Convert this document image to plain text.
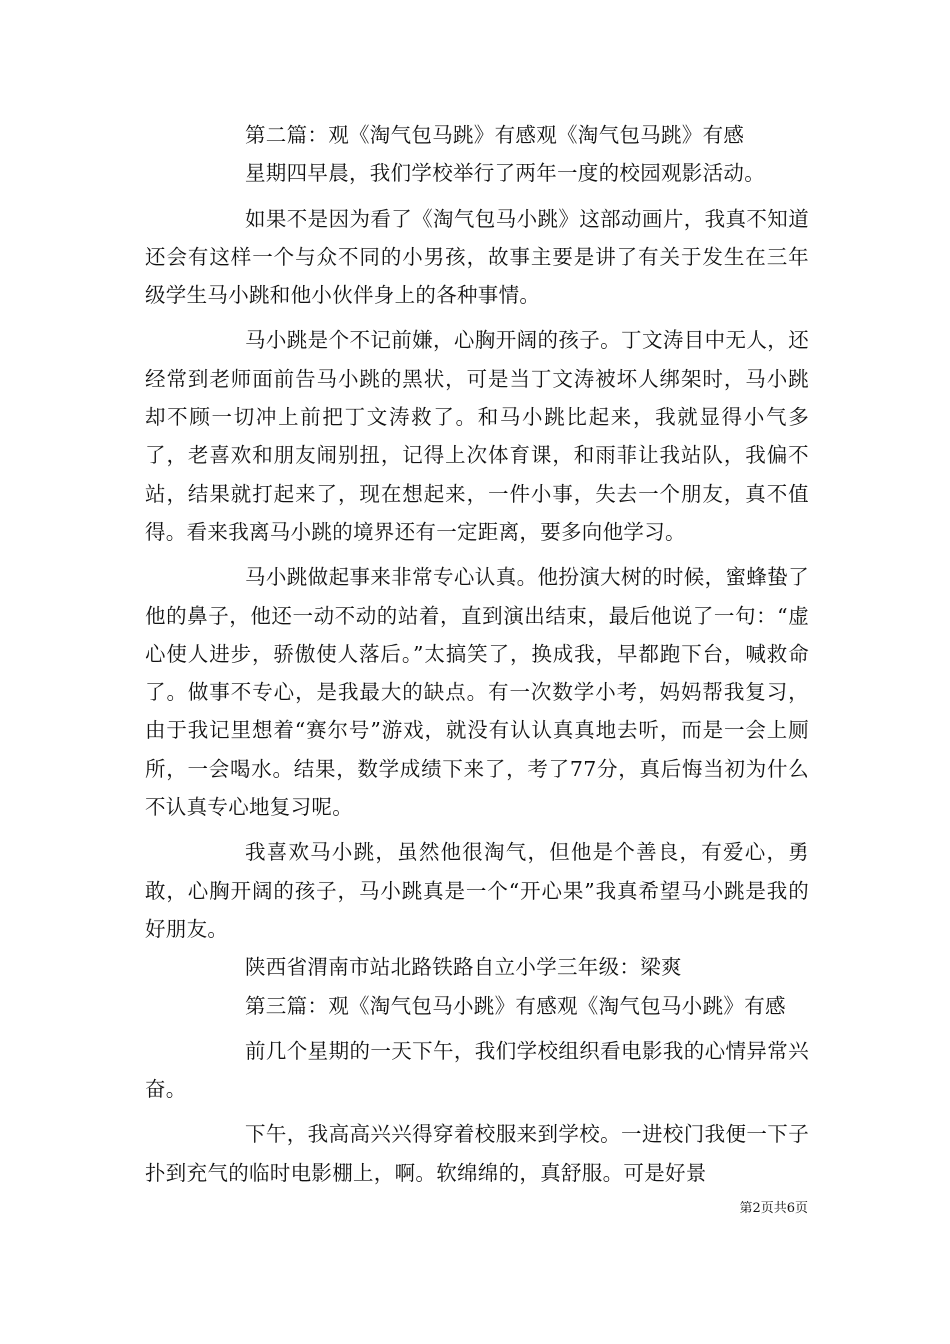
第二篇：观《淘气包马跳》有感观《淘气包马跳》有感

星期四早晨，我们学校举行了两年一度的校园观影活动。

如果不是因为看了《淘气包马小跳》这部动画片，我真不知道还会有这样一个与众不同的小男孩，故事主要是讲了有关于发生在三年级学生马小跳和他小伙伴身上的各种事情。

马小跳是个不记前嫌，心胸开阔的孩子。丁文涛目中无人，还经常到老师面前告马小跳的黑状，可是当丁文涛被坏人绑架时，马小跳却不顾一切冲上前把丁文涛救了。和马小跳比起来，我就显得小气多了，老喜欢和朋友闹别扭，记得上次体育课，和雨菲让我站队，我偏不站，结果就打起来了，现在想起来，一件小事，失去一个朋友，真不值得。看来我离马小跳的境界还有一定距离，要多向他学习。

马小跳做起事来非常专心认真。他扮演大树的时候，蜜蜂蛰了他的鼻子，他还一动不动的站着，直到演出结束，最后他说了一句：“虚心使人进步，骄傲使人落后。”太搞笑了，换成我，早都跑下台，喊救命了。做事不专心，是我最大的缺点。有一次数学小考，妈妈帮我复习，由于我记里想着“赛尔号”游戏，就没有认认真真地去听，而是一会上厕所，一会喝水。结果，数学成绩下来了，考了77分，真后悔当初为什么不认真专心地复习呢。

我喜欢马小跳，虽然他很淘气，但他是个善良，有爱心，勇敢，心胸开阔的孩子，马小跳真是一个“开心果”我真希望马小跳是我的好朋友。

陕西省渭南市站北路铁路自立小学三年级：梁爽

第三篇：观《淘气包马小跳》有感观《淘气包马小跳》有感

前几个星期的一天下午，我们学校组织看电影我的心情异常兴奋。

下午，我高高兴兴得穿着校服来到学校。一进校门我便一下子扑到充气的临时电影棚上，啊。软绵绵的，真舒服。可是好景

第2页共6页
